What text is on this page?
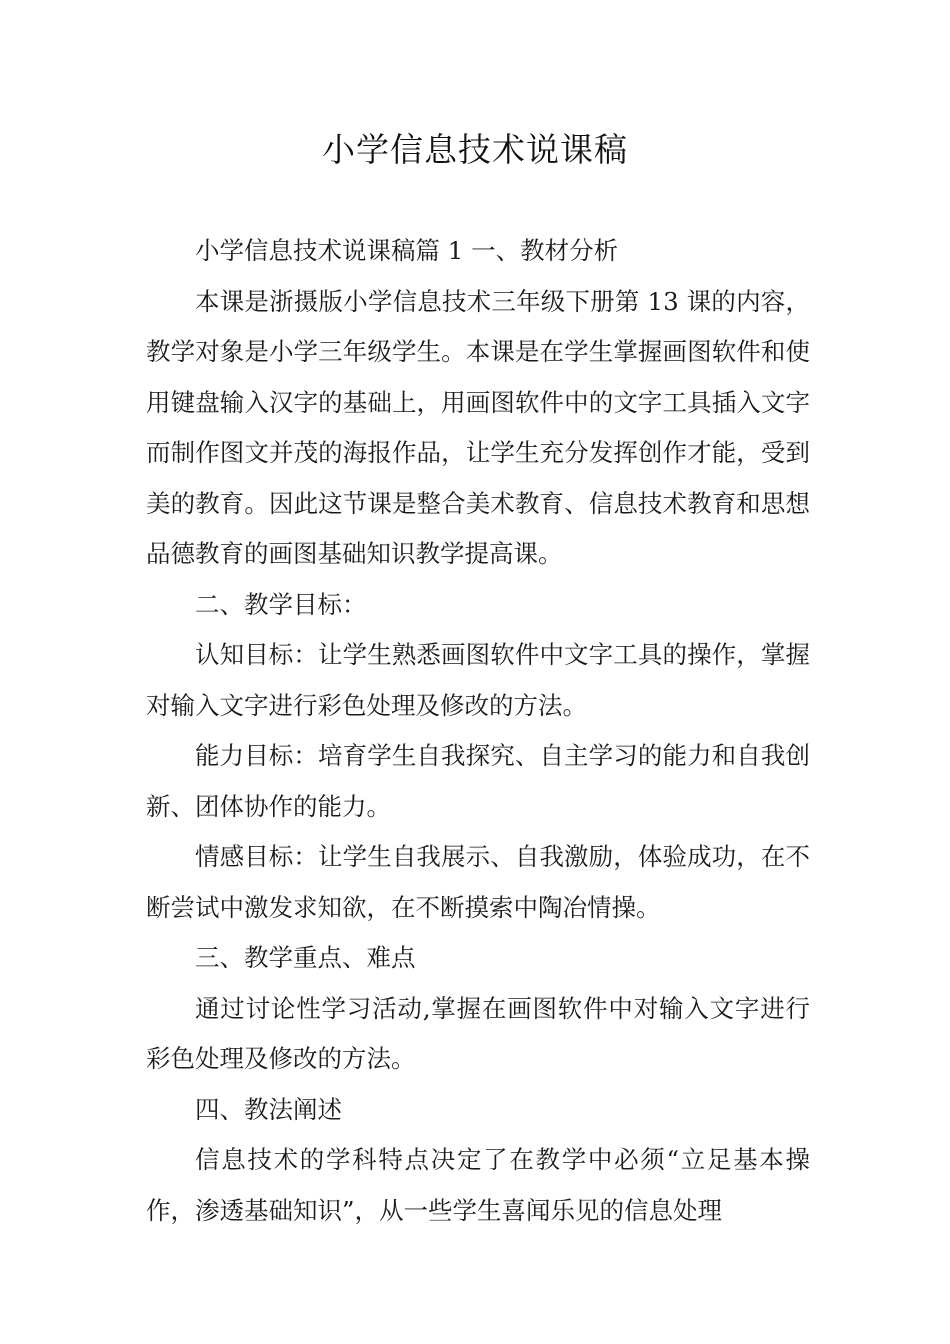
小学信息技术说课稿

小学信息技术说课稿篇 1 一、教材分析

本课是浙摄版小学信息技术三年级下册第 13 课的内容，教学对象是小学三年级学生。本课是在学生掌握画图软件和使用键盘输入汉字的基础上，用画图软件中的文字工具插入文字而制作图文并茂的海报作品，让学生充分发挥创作才能，受到美的教育。因此这节课是整合美术教育、信息技术教育和思想品德教育的画图基础知识教学提高课。

二、教学目标：

认知目标：让学生熟悉画图软件中文字工具的操作，掌握对输入文字进行彩色处理及修改的方法。

能力目标：培育学生自我探究、自主学习的能力和自我创新、团体协作的能力。

情感目标：让学生自我展示、自我激励，体验成功，在不断尝试中激发求知欲，在不断摸索中陶冶情操。

三、教学重点、难点

通过讨论性学习活动,掌握在画图软件中对输入文字进行彩色处理及修改的方法。

四、教法阐述

信息技术的学科特点决定了在教学中必须“立足基本操作，渗透基础知识”，从一些学生喜闻乐见的信息处理
